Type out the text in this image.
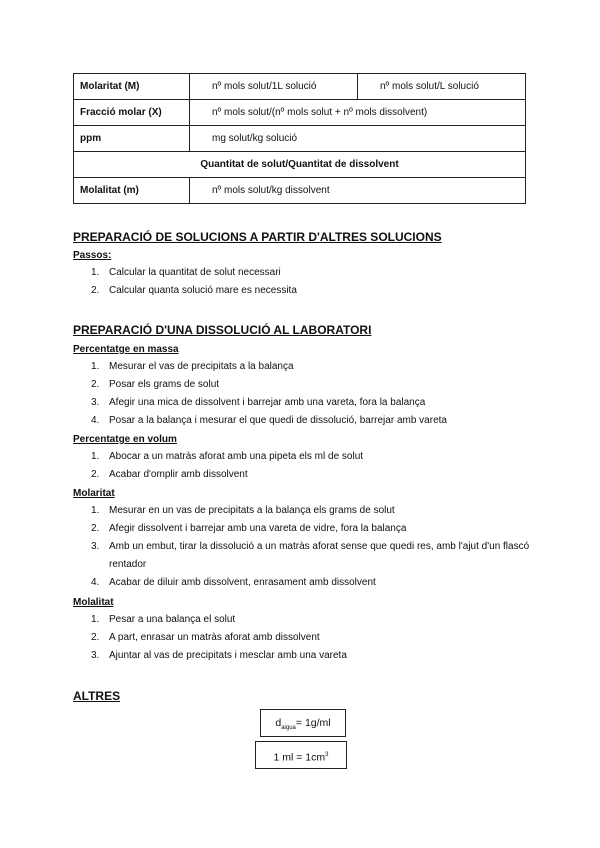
Molaritat (M)	nº mols solut/1L solució	nº mols solut/L solució
Fracció molar (X)	nº mols solut/(nº mols solut + nº mols dissolvent)	
ppm	mg solut/kg solució	
Quantitat de solut/Quantitat de dissolvent		
Molalitat (m)	nº mols solut/kg dissolvent	
PREPARACIÓ DE SOLUCIONS A PARTIR D'ALTRES SOLUCIONS
Passos:
1. Calcular la quantitat de solut necessari
2. Calcular quanta solució mare es necessita
PREPARACIÓ D'UNA DISSOLUCIÓ AL LABORATORI
Percentatge en massa
1. Mesurar el vas de precipitats a la balança
2. Posar els grams de solut
3. Afegir una mica de dissolvent i barrejar amb una vareta, fora la balança
4. Posar a la balança i mesurar el que quedi de dissolució, barrejar amb vareta
Percentatge en volum
1. Abocar a un matràs aforat amb una pipeta els ml de solut
2. Acabar d'omplir amb dissolvent
Molaritat
1. Mesurar en un vas de precipitats a la balança els grams de solut
2. Afegir dissolvent i barrejar amb una vareta de vidre, fora la balança
3. Amb un embut, tirar la dissolució a un matràs aforat sense que quedi res, amb l'ajut d'un flascó rentador
4. Acabar de diluir amb dissolvent, enrasament amb dissolvent
Molalitat
1. Pesar a una balança el solut
2. A part, enrasar un matràs aforat amb dissolvent
3. Ajuntar al vas de precipitats i mesclar amb una vareta
ALTRES
$d_{aigua}= 1g/ml$
1 ml = $1cm^3$
